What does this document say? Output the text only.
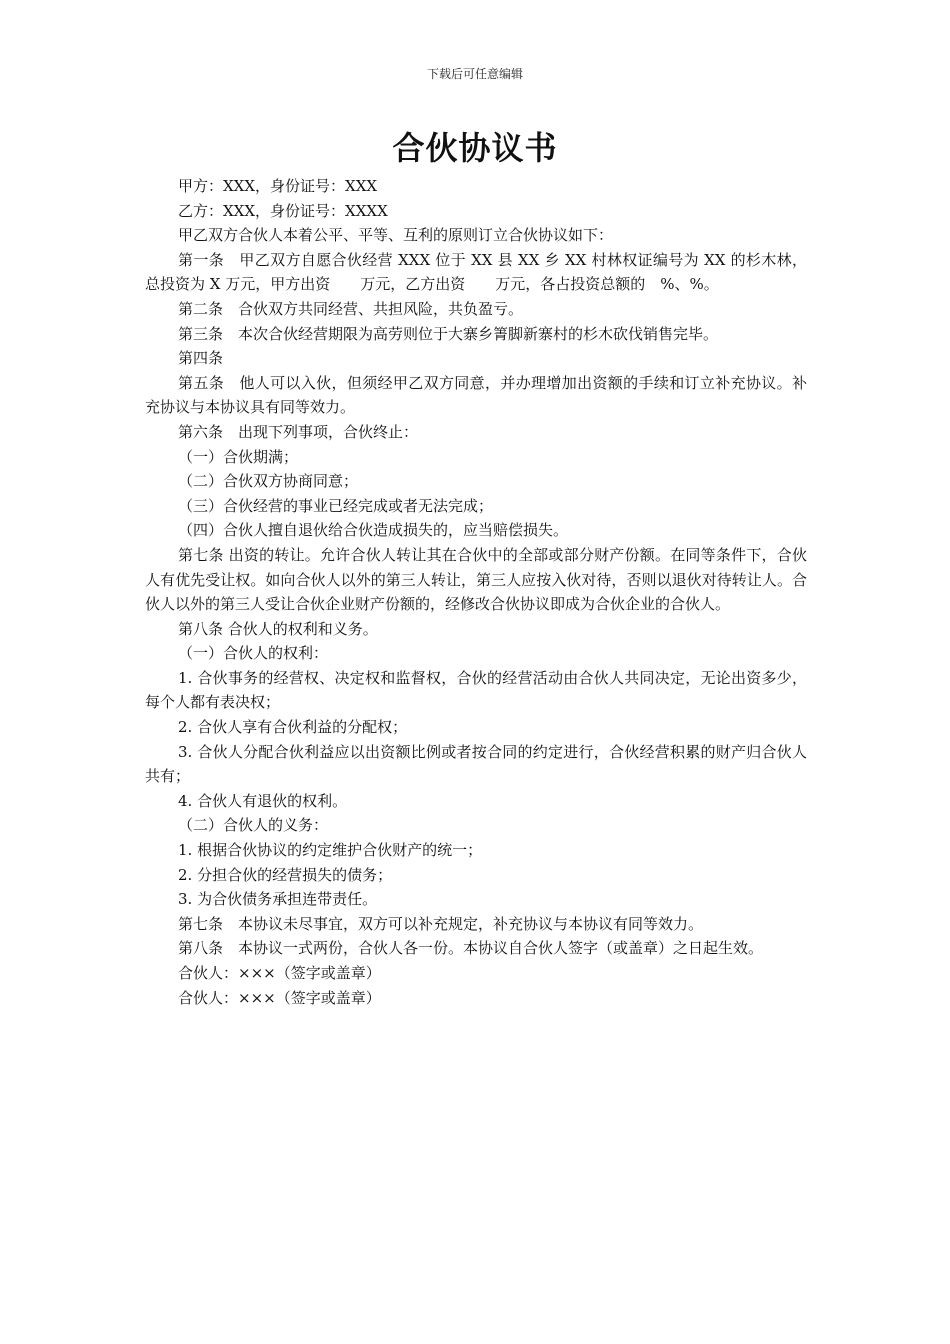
下载后可任意编辑
合伙协议书

甲方：XXX，身份证号：XXX

乙方：XXX，身份证号：XXXX

甲乙双方合伙人本着公平、平等、互利的原则订立合伙协议如下：

第一条　甲乙双方自愿合伙经营 XXX 位于 XX 县 XX 乡 XX 村林权证编号为 XX 的杉木林，总投资为 X 万元，甲方出资　　万元，乙方出资　　万元，各占投资总额的　%、%。

第二条　合伙双方共同经营、共担风险，共负盈亏。

第三条　本次合伙经营期限为高劳则位于大寨乡箐脚新寨村的杉木砍伐销售完毕。

第四条

第五条　他人可以入伙，但须经甲乙双方同意，并办理增加出资额的手续和订立补充协议。补充协议与本协议具有同等效力。

第六条　出现下列事项，合伙终止：

（一）合伙期满；

（二）合伙双方协商同意；

（三）合伙经营的事业已经完成或者无法完成；

（四）合伙人擅自退伙给合伙造成损失的，应当赔偿损失。

第七条 出资的转让。允许合伙人转让其在合伙中的全部或部分财产份额。在同等条件下，合伙人有优先受让权。如向合伙人以外的第三人转让，第三人应按入伙对待，否则以退伙对待转让人。合伙人以外的第三人受让合伙企业财产份额的，经修改合伙协议即成为合伙企业的合伙人。

第八条 合伙人的权利和义务。

（一）合伙人的权利：

1. 合伙事务的经营权、决定权和监督权，合伙的经营活动由合伙人共同决定，无论出资多少，每个人都有表决权；

2. 合伙人享有合伙利益的分配权；

3. 合伙人分配合伙利益应以出资额比例或者按合同的约定进行，合伙经营积累的财产归合伙人共有；

4. 合伙人有退伙的权利。

（二）合伙人的义务：

1. 根据合伙协议的约定维护合伙财产的统一；

2. 分担合伙的经营损失的债务；

3. 为合伙债务承担连带责任。

第七条　本协议未尽事宜，双方可以补充规定，补充协议与本协议有同等效力。

第八条　本协议一式两份，合伙人各一份。本协议自合伙人签字（或盖章）之日起生效。

合伙人：×××（签字或盖章）

合伙人：×××（签字或盖章）
